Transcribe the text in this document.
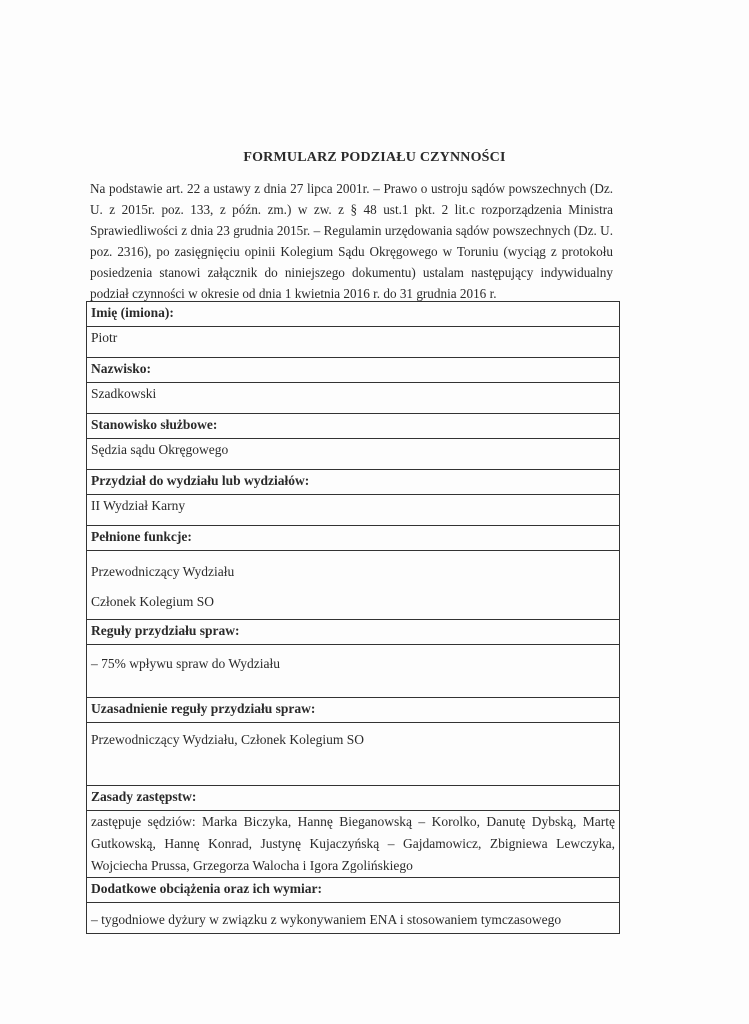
FORMULARZ PODZIAŁU CZYNNOŚCI

Na podstawie art. 22 a ustawy z dnia 27 lipca 2001r. – Prawo o ustroju sądów powszechnych (Dz. U. z 2015r. poz. 133, z późn. zm.) w zw. z § 48 ust.1 pkt. 2 lit.c rozporządzenia Ministra Sprawiedliwości z dnia 23 grudnia 2015r. – Regulamin urzędowania sądów powszechnych (Dz. U. poz. 2316), po zasięgnięciu opinii Kolegium Sądu Okręgowego w Toruniu (wyciąg z protokołu posiedzenia stanowi załącznik do niniejszego dokumentu) ustalam następujący indywidualny podział czynności w okresie od dnia 1 kwietnia 2016 r. do 31 grudnia 2016 r.

Imię (imiona):
Piotr
Nazwisko:
Szadkowski
Stanowisko służbowe:
Sędzia sądu Okręgowego
Przydział do wydziału lub wydziałów:
II Wydział Karny
Pełnione funkcje:

Przewodniczący Wydziału

Członek Kolegium SO

Reguły przydziału spraw:
– 75% wpływu spraw do Wydziału
Uzasadnienie reguły przydziału spraw:
Przewodniczący Wydziału, Członek Kolegium SO
Zasady zastępstw:
zastępuje sędziów: Marka Biczyka, Hannę Bieganowską – Korolko, Danutę Dybską, Martę Gutkowską, Hannę Konrad, Justynę Kujaczyńską – Gajdamowicz, Zbigniewa Lewczyka, Wojciecha Prussa, Grzegorza Walocha i Igora Zgolińskiego
Dodatkowe obciążenia oraz ich wymiar:
– tygodniowe dyżury w związku z wykonywaniem ENA i stosowaniem tymczasowego
